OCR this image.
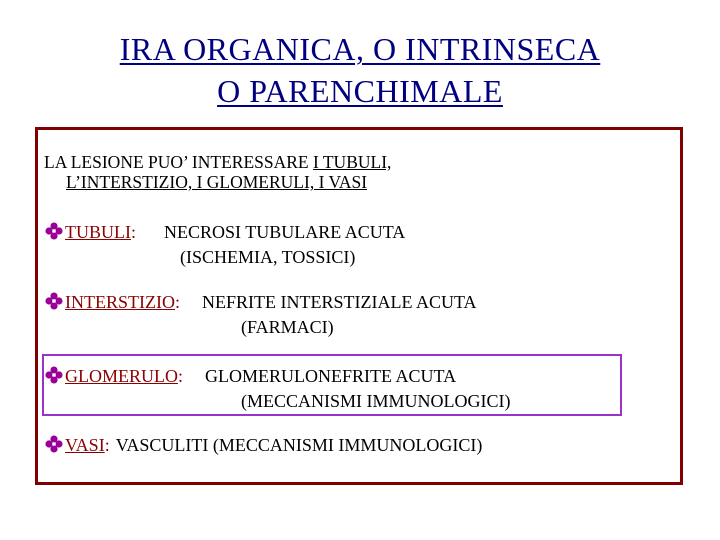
IRA ORGANICA, O INTRINSECA
O PARENCHIMALE
LA LESIONE PUO’ INTERESSARE I TUBULI,
L’INTERSTIZIO, I GLOMERULI, I VASI
TUBULI: NECROSI TUBULARE ACUTA
(ISCHEMIA, TOSSICI)
INTERSTIZIO: NEFRITE INTERSTIZIALE ACUTA
(FARMACI)
GLOMERULO: GLOMERULONEFRITE ACUTA
(MECCANISMI IMMUNOLOGICI)
VASI: VASCULITI (MECCANISMI IMMUNOLOGICI)
